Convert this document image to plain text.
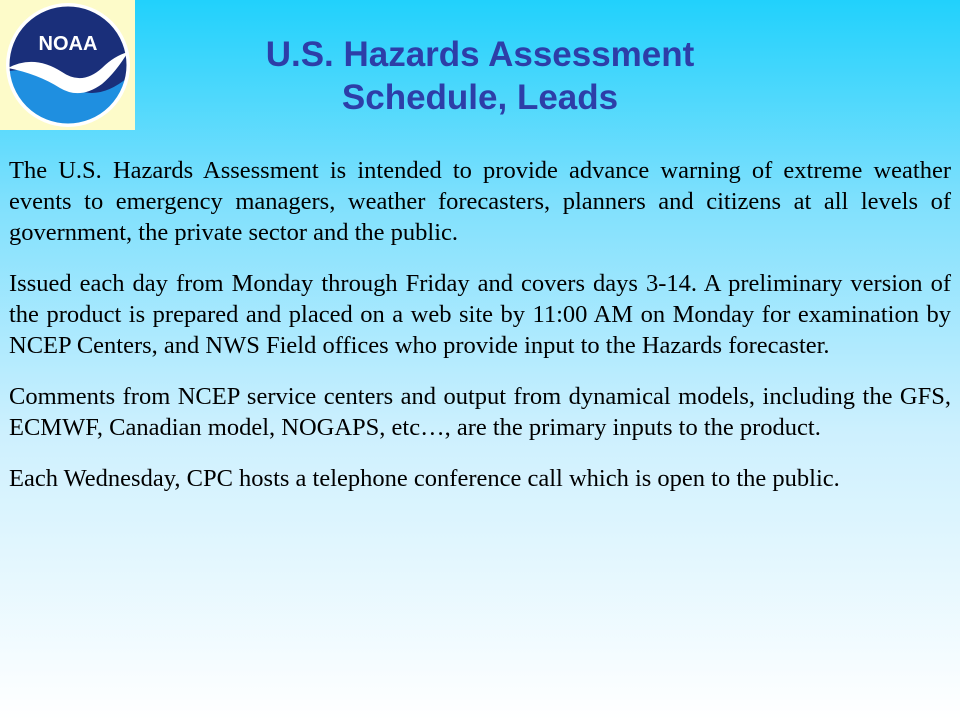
NOAA	U.S. Hazards Assessment
Schedule, Leads

The U.S. Hazards Assessment is intended to provide advance warning of extreme weather events to emergency managers, weather forecasters, planners and citizens at all levels of government, the private sector and the public.

Issued each day from Monday through Friday and covers days 3-14. A preliminary version of the product is prepared and placed on a web site by 11:00 AM on Monday for examination by NCEP Centers, and NWS Field offices who provide input to the Hazards forecaster.

Comments from NCEP service centers and output from dynamical models, including the GFS, ECMWF, Canadian model, NOGAPS, etc…, are the primary inputs to the product.

Each Wednesday, CPC hosts a telephone conference call which is open to the public.
